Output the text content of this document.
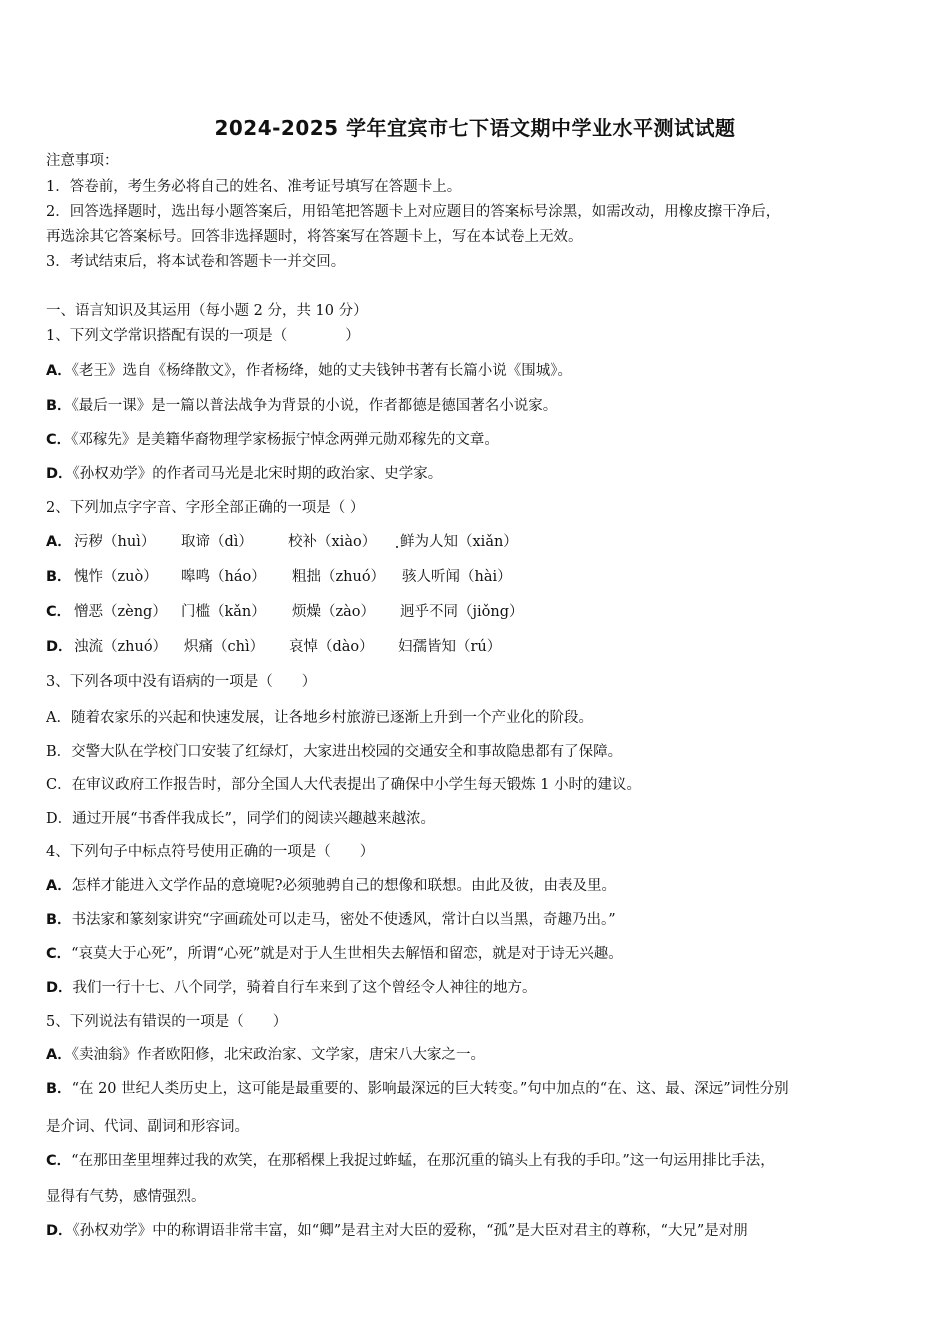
2024-2025 学年宜宾市七下语文期中学业水平测试试题
注意事项：
1．答卷前，考生务必将自己的姓名、准考证号填写在答题卡上。
2．回答选择题时，选出每小题答案后，用铅笔把答题卡上对应题目的答案标号涂黑，如需改动，用橡皮擦干净后，
再选涂其它答案标号。回答非选择题时，将答案写在答题卡上，写在本试卷上无效。
3．考试结束后，将本试卷和答题卡一并交回。
一、语言知识及其运用（每小题 2 分，共 10 分）
1、下列文学常识搭配有误的一项是（　　　　）
A．《老王》选自《杨绛散文》，作者杨绛，她的丈夫钱钟书著有长篇小说《围城》。
B．《最后一课》是一篇以普法战争为背景的小说，作者都德是德国著名小说家。
C．《邓稼先》是美籍华裔物理学家杨振宁悼念两弹元勋邓稼先的文章。
D．《孙权劝学》的作者司马光是北宋时期的政治家、史学家。
2、下列加点字字音、字形全部正确的一项是（ ）
A． 污秽（huì） 取谛（dì） 校补（xiào） 鲜为人知（xiǎn）
B． 愧怍（zuò） 嗥鸣（háo） 粗拙（zhuó） 骇人听闻（hài）
C． 憎恶（zèng） 门槛（kǎn） 烦燥（zào） 迥乎不同（jiǒng）
D． 浊流（zhuó） 炽痛（chì） 哀悼（dào） 妇孺皆知（rú）
3、下列各项中没有语病的一项是（　　）
A．随着农家乐的兴起和快速发展，让各地乡村旅游已逐渐上升到一个产业化的阶段。
B．交警大队在学校门口安装了红绿灯，大家进出校园的交通安全和事故隐患都有了保障。
C．在审议政府工作报告时，部分全国人大代表提出了确保中小学生每天锻炼 1 小时的建议。
D．通过开展“书香伴我成长”，同学们的阅读兴趣越来越浓。
4、下列句子中标点符号使用正确的一项是（　　）
A．怎样才能进入文学作品的意境呢?必须驰骋自己的想像和联想。由此及彼，由表及里。
B．书法家和篆刻家讲究“字画疏处可以走马，密处不使透风，常计白以当黑，奇趣乃出。”
C．“哀莫大于心死”，所谓“心死”就是对于人生世相失去解悟和留恋，就是对于诗无兴趣。
D．我们一行十七、八个同学，骑着自行车来到了这个曾经令人神往的地方。
5、下列说法有错误的一项是（　　）
A．《卖油翁》作者欧阳修，北宋政治家、文学家，唐宋八大家之一。
B．“在 20 世纪人类历史上，这可能是最重要的、影响最深远的巨大转变。”句中加点的“在、这、最、深远”词性分别
是介词、代词、副词和形容词。
C．“在那田垄里埋葬过我的欢笑，在那稻棵上我捉过蚱蜢，在那沉重的镐头上有我的手印。”这一句运用排比手法，
显得有气势，感情强烈。
D．《孙权劝学》中的称谓语非常丰富，如“卿”是君主对大臣的爱称，“孤”是大臣对君主的尊称，“大兄”是对朋
